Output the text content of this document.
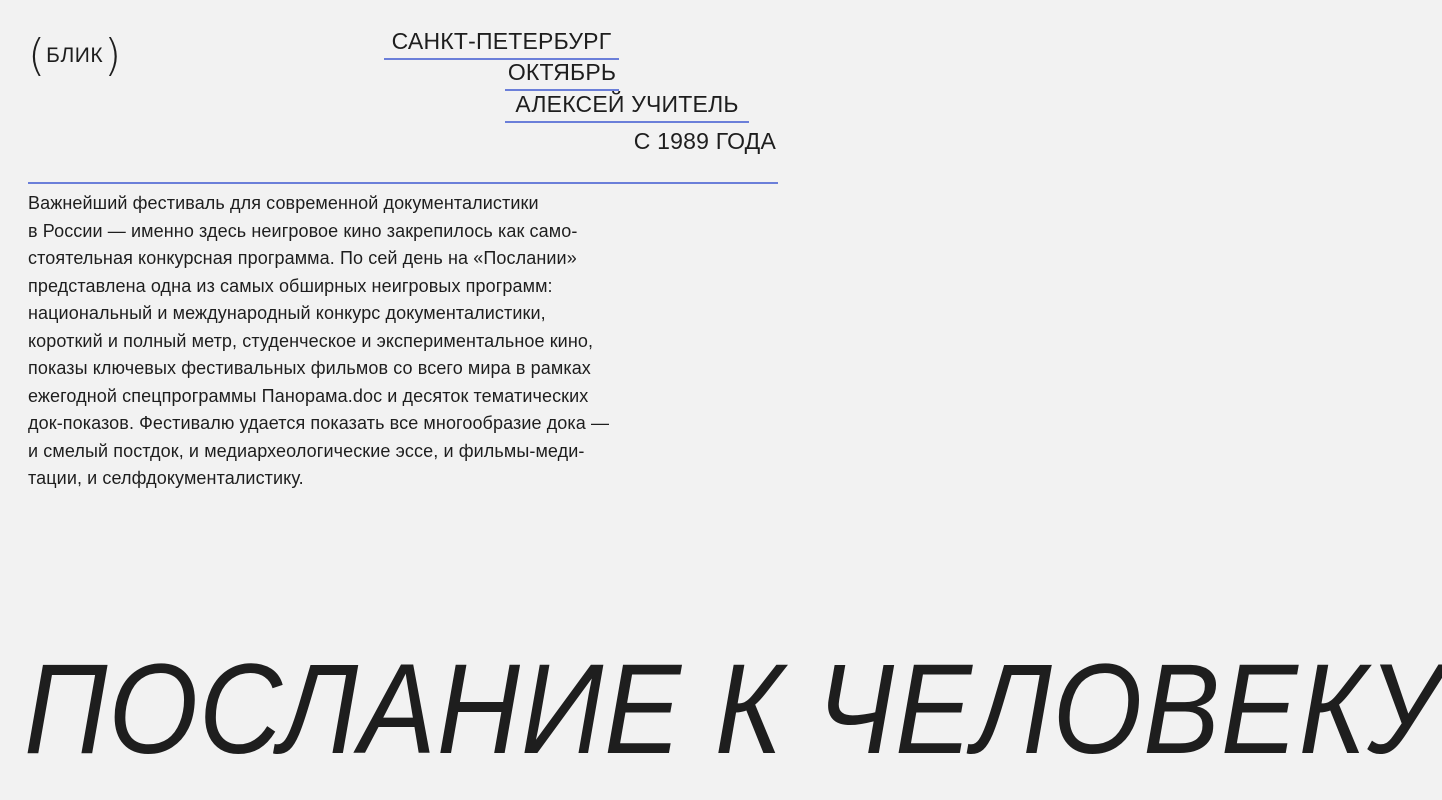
( БЛИК )	САНКТ-ПЕТЕРБУРГ
ОКТЯБРЬ
АЛЕКСЕЙ УЧИТЕЛЬ
С 1989 ГОДА

Важнейший фестиваль для современной документалистики
в России — именно здесь неигровое кино закрепилось как само-
стоятельная конкурсная программа. По сей день на «Послании»
представлена одна из самых обширных неигровых программ:
национальный и международный конкурс документалистики,
короткий и полный метр, студенческое и экспериментальное кино,
показы ключевых фестивальных фильмов со всего мира в рамках
ежегодной спецпрограммы Панорама.doc и десяток тематических
док-показов. Фестивалю удается показать все многообразие дока —
и смелый постдок, и медиархеологические эссе, и фильмы-меди-
тации, и селфдокументалистику.

ПОСЛАНИЕ К ЧЕЛОВЕКУ
